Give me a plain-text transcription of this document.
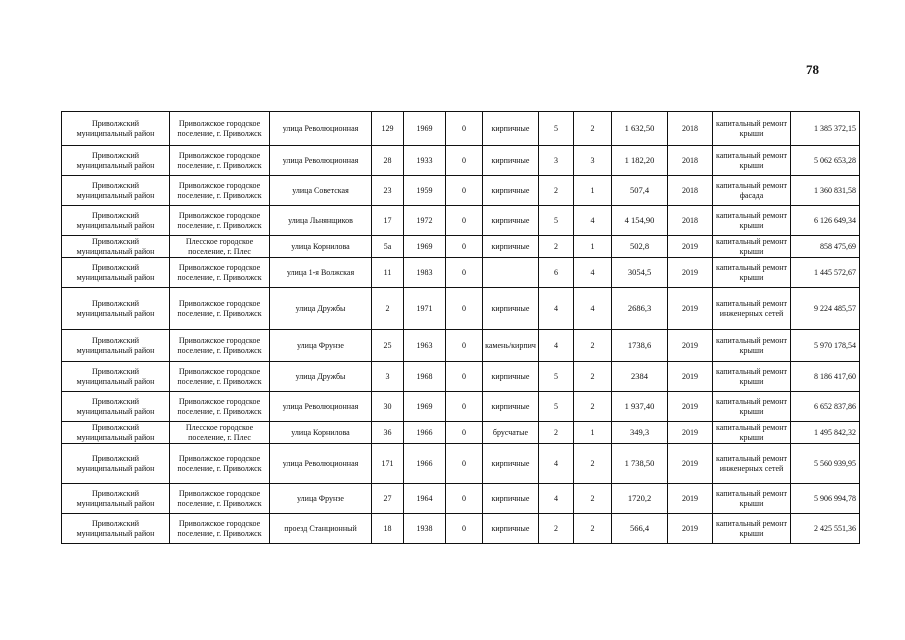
78
Приволжский муниципальный район	Приволжское городское поселение, г. Приволжск	улица Революционная	129	1969	0	кирпичные	5	2	1 632,50	2018	капитальный ремонт крыши	1 385 372,15
Приволжский муниципальный район	Приволжское городское поселение, г. Приволжск	улица Революционная	28	1933	0	кирпичные	3	3	1 182,20	2018	капитальный ремонт крыши	5 062 653,28
Приволжский муниципальный район	Приволжское городское поселение, г. Приволжск	улица Советская	23	1959	0	кирпичные	2	1	507,4	2018	капитальный ремонт фасада	1 360 831,58
Приволжский муниципальный район	Приволжское городское поселение, г. Приволжск	улица Льнянщиков	17	1972	0	кирпичные	5	4	4 154,90	2018	капитальный ремонт крыши	6 126 649,34
Приволжский муниципальный район	Плесское городское поселение, г. Плес	улица Корнилова	5а	1969	0	кирпичные	2	1	502,8	2019	капитальный ремонт крыши	858 475,69
Приволжский муниципальный район	Приволжское городское поселение, г. Приволжск	улица 1-я Волжская	11	1983	0		6	4	3054,5	2019	капитальный ремонт крыши	1 445 572,67
Приволжский муниципальный район	Приволжское городское поселение, г. Приволжск	улица Дружбы	2	1971	0	кирпичные	4	4	2686,3	2019	капитальный ремонт инженерных сетей	9 224 485,57
Приволжский муниципальный район	Приволжское городское поселение, г. Приволжск	улица Фрунзе	25	1963	0	камень/кирпич	4	2	1738,6	2019	капитальный ремонт крыши	5 970 178,54
Приволжский муниципальный район	Приволжское городское поселение, г. Приволжск	улица Дружбы	3	1968	0	кирпичные	5	2	2384	2019	капитальный ремонт крыши	8 186 417,60
Приволжский муниципальный район	Приволжское городское поселение, г. Приволжск	улица Революционная	30	1969	0	кирпичные	5	2	1 937,40	2019	капитальный ремонт крыши	6 652 837,86
Приволжский муниципальный район	Плесское городское поселение, г. Плес	улица Корнилова	36	1966	0	брусчатые	2	1	349,3	2019	капитальный ремонт крыши	1 495 842,32
Приволжский муниципальный район	Приволжское городское поселение, г. Приволжск	улица Революционная	171	1966	0	кирпичные	4	2	1 738,50	2019	капитальный ремонт инженерных сетей	5 560 939,95
Приволжский муниципальный район	Приволжское городское поселение, г. Приволжск	улица Фрунзе	27	1964	0	кирпичные	4	2	1720,2	2019	капитальный ремонт крыши	5 906 994,78
Приволжский муниципальный район	Приволжское городское поселение, г. Приволжск	проезд Станционный	18	1938	0	кирпичные	2	2	566,4	2019	капитальный ремонт крыши	2 425 551,36
